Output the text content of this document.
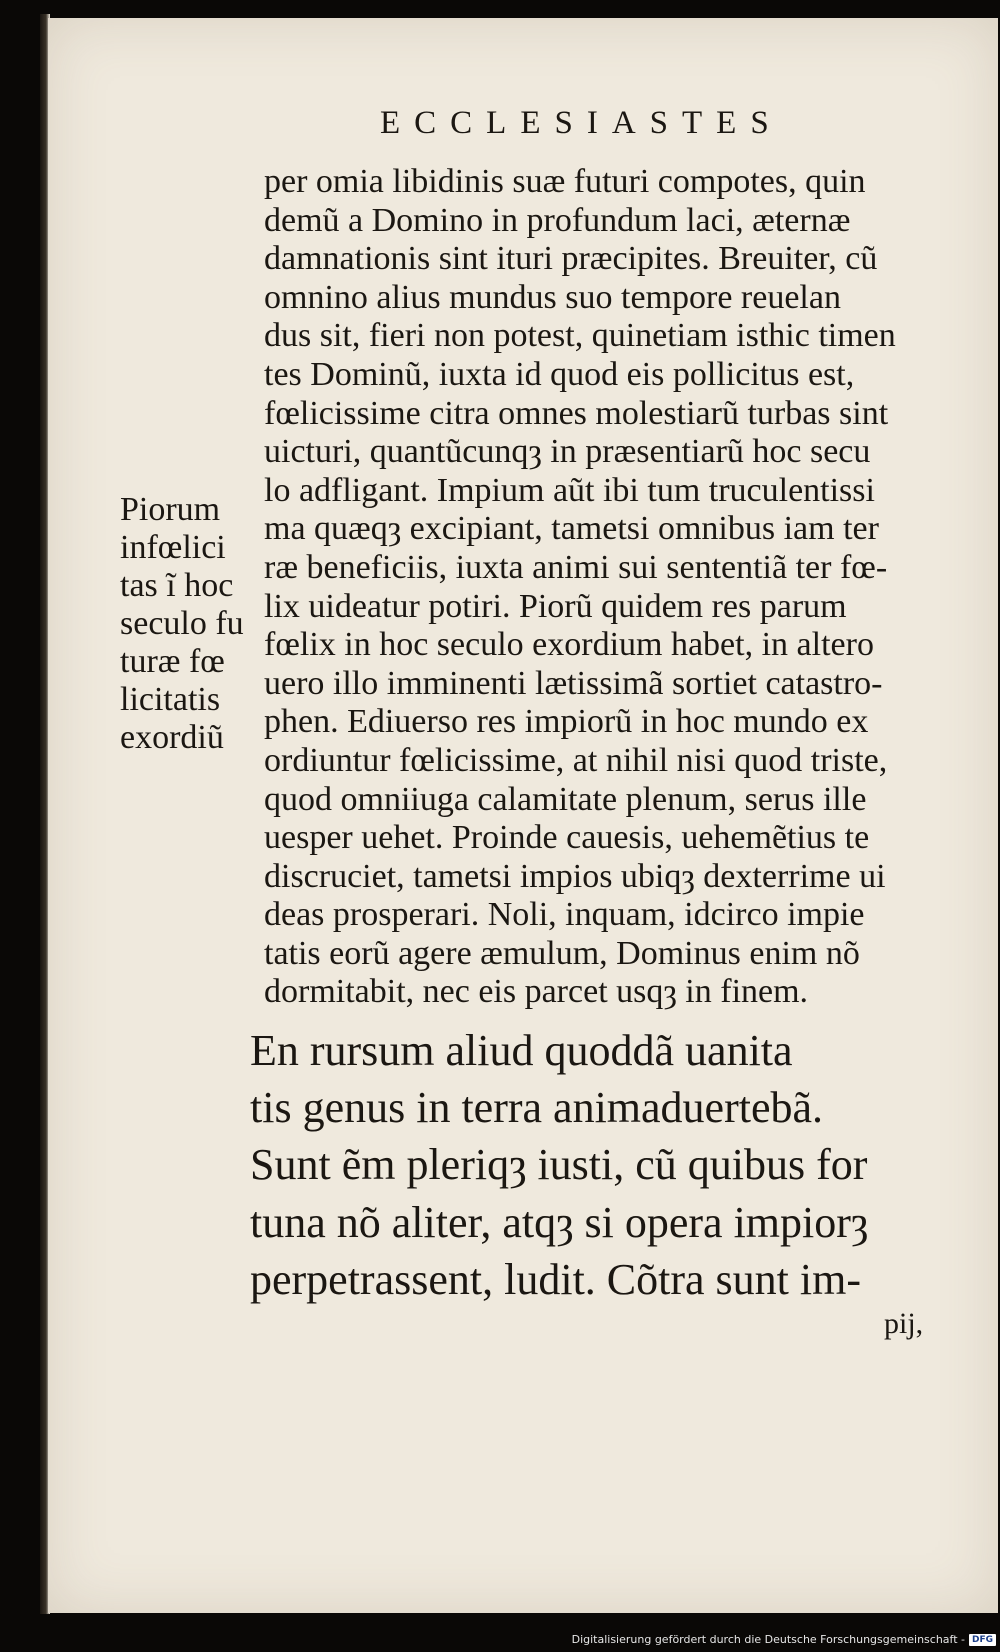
ECCLESIASTES
Piorum
infœlici
tas ĩ hoc
seculo fu
turæ fœ
licitatis
exordiũ
per omia libidinis suæ futuri compotes, quin
demũ a Domino in profundum laci, æternæ
damnationis sint ituri præcipites. Breuiter, cũ
omnino alius mundus suo tempore reuelan
dus sit, fieri non potest, quinetiam isthic timen
tes Dominũ, iuxta id quod eis pollicitus est,
fœlicissime citra omnes molestiarũ turbas sint
uicturi, quantũcunqȝ in præsentiarũ hoc secu
lo adfligant. Impium aũt ibi tum truculentissi
ma quæqȝ excipiant, tametsi omnibus iam ter
ræ beneficiis, iuxta animi sui sententiã ter fœ-
lix uideatur potiri. Piorũ quidem res parum
fœlix in hoc seculo exordium habet, in altero
uero illo imminenti lætissimã sortiet catastro-
phen. Ediuerso res impiorũ in hoc mundo ex
ordiuntur fœlicissime, at nihil nisi quod triste,
quod omniiuga calamitate plenum, serus ille
uesper uehet. Proinde cauesis, uehemẽtius te
discruciet, tametsi impios ubiqȝ dexterrime ui
deas prosperari. Noli, inquam, idcirco impie
tatis eorũ agere æmulum, Dominus enim nõ
dormitabit, nec eis parcet usqȝ in finem.
En rursum aliud quoddã uanita
tis genus in terra animaduertebã.
Sunt ẽm pleriqȝ iusti, cũ quibus for
tuna nõ aliter, atqȝ si opera impiorȝ
perpetrassent, ludit. Cõtra sunt im-
pij,
Digitalisierung gefördert durch die Deutsche Forschungsgemeinschaft - DFG
